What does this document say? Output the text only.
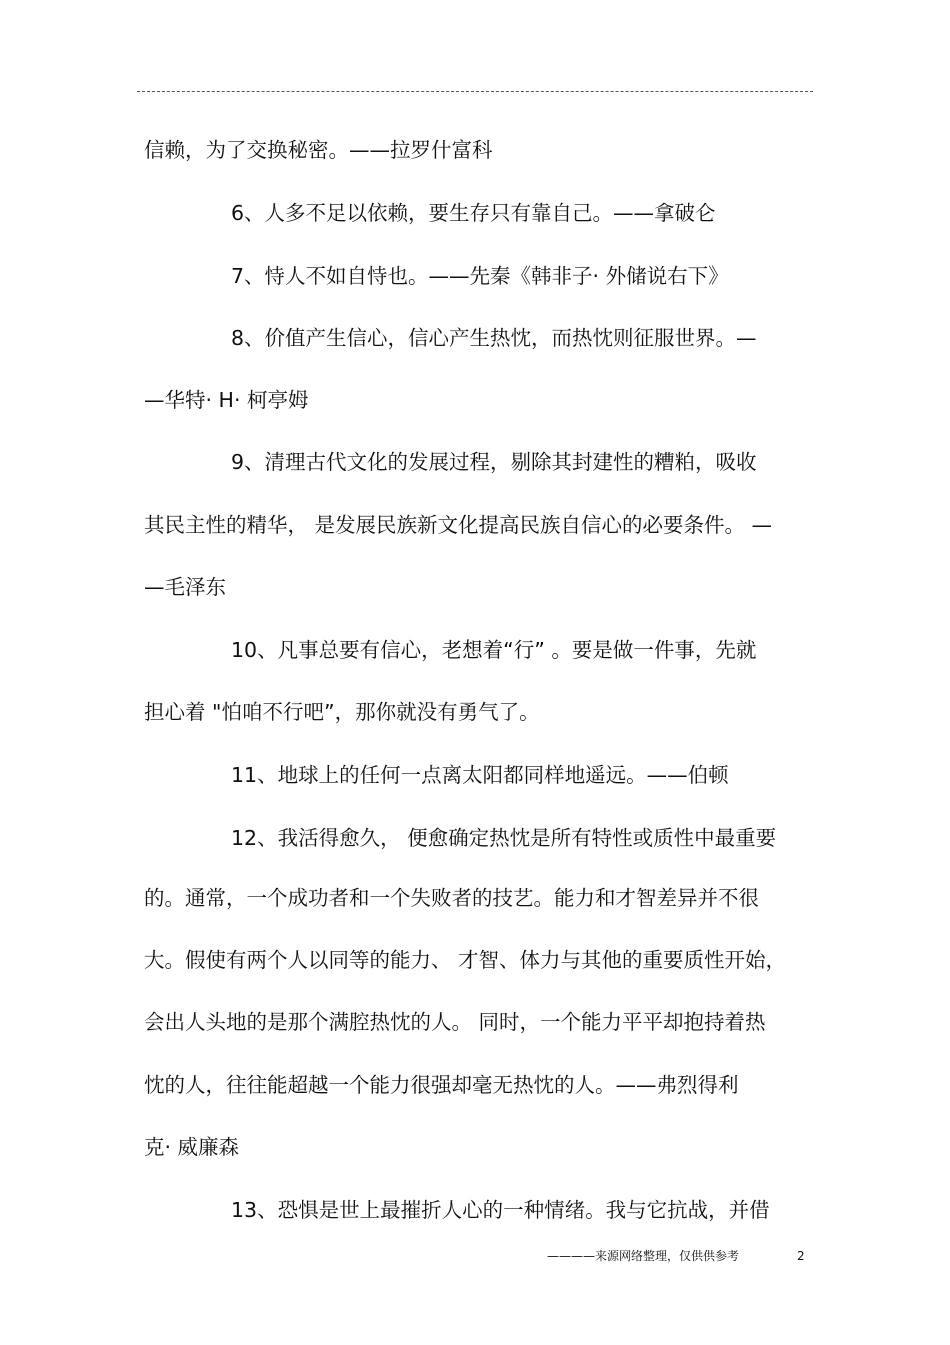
信赖，为了交换秘密。——拉罗什富科
6、人多不足以依赖，要生存只有靠自己。——拿破仑
7、恃人不如自恃也。——先秦《韩非子· 外储说右下》
8、价值产生信心，信心产生热忱，而热忱则征服世界。—
—华特· H· 柯亭姆
9、清理古代文化的发展过程，剔除其封建性的糟粕，吸收
其民主性的精华， 是发展民族新文化提高民族自信心的必要条件。 —
—毛泽东
10、凡事总要有信心，老想着“行” 。要是做一件事，先就
担心着 "怕咱不行吧”，那你就没有勇气了。
11、地球上的任何一点离太阳都同样地遥远。——伯顿
12、我活得愈久， 便愈确定热忱是所有特性或质性中最重要
的。通常，一个成功者和一个失败者的技艺。能力和才智差异并不很
大。假使有两个人以同等的能力、 才智、体力与其他的重要质性开始，
会出人头地的是那个满腔热忱的人。 同时，一个能力平平却抱持着热
忱的人，往往能超越一个能力很强却毫无热忱的人。——弗烈得利
克· 威廉森
13、恐惧是世上最摧折人心的一种情绪。我与它抗战，并借
————来源网络整理，仅供供参考	2
